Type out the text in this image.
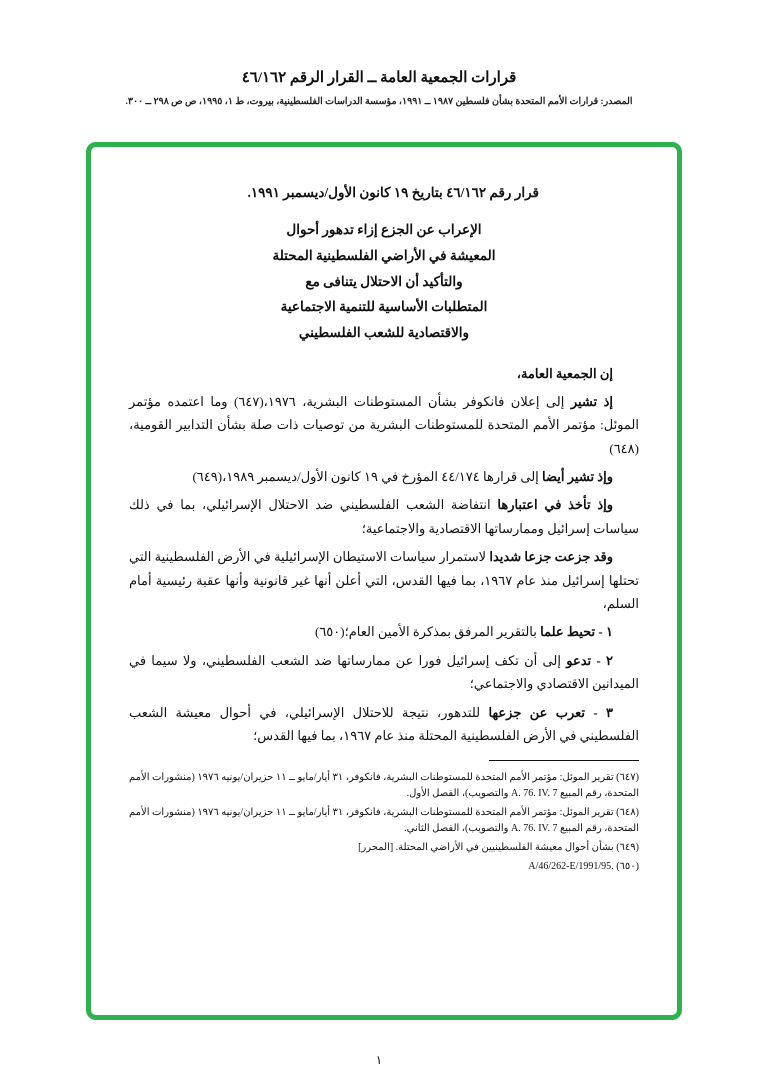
قرارات الجمعية العامة ــ القرار الرقم ٤٦/١٦٢
المصدر: قرارات الأمم المتحدة بشأن فلسطين ١٩٨٧ ــ ١٩٩١، مؤسسة الدراسات الفلسطينية، بيروت، ط ١، ١٩٩٥، ص ص ٢٩٨ ــ ٣٠٠.

قرار رقم ٤٦/١٦٢ بتاريخ ١٩ كانون الأول/ديسمبر ١٩٩١.

الإعراب عن الجزع إزاء تدهور أحوال
المعيشة في الأراضي الفلسطينية المحتلة
والتأكيد أن الاحتلال يتنافى مع
المتطلبات الأساسية للتنمية الاجتماعية
والاقتصادية للشعب الفلسطيني

إن الجمعية العامة،

إذ تشير إلى إعلان فانكوفر بشأن المستوطنات البشرية، ١٩٧٦،(٦٤٧) وما اعتمده مؤتمر الموئل: مؤتمر الأمم المتحدة للمستوطنات البشرية من توصيات ذات صلة بشأن التدابير القومية،(٦٤٨)

وإذ تشير أيضا إلى قرارها ٤٤/١٧٤ المؤرخ في ١٩ كانون الأول/ديسمبر ١٩٨٩،(٦٤٩)

وإذ تأخذ في اعتبارها انتفاضة الشعب الفلسطيني ضد الاحتلال الإسرائيلي، بما في ذلك سياسات إسرائيل وممارساتها الاقتصادية والاجتماعية؛

وقد جزعت جزعا شديدا لاستمرار سياسات الاستيطان الإسرائيلية في الأرض الفلسطينية التي تحتلها إسرائيل منذ عام ١٩٦٧، بما فيها القدس، التي أعلن أنها غير قانونية وأنها عقبة رئيسية أمام السلم،

١ - تحيط علما بالتقرير المرفق بمذكرة الأمين العام؛(٦٥٠)

٢ - تدعو إلى أن تكف إسرائيل فورا عن ممارساتها ضد الشعب الفلسطيني، ولا سيما في الميدانين الاقتصادي والاجتماعي؛

٣ - تعرب عن جزعها للتدهور، نتيجة للاحتلال الإسرائيلي، في أحوال معيشة الشعب الفلسطيني في الأرض الفلسطينية المحتلة منذ عام ١٩٦٧، بما فيها القدس؛

(٦٤٧) تقرير الموئل: مؤتمر الأمم المتحدة للمستوطنات البشرية، فانكوفر، ٣١ أيار/مايو ــ ١١ حزيران/يونيه ١٩٧٦ (منشورات الأمم المتحدة، رقم المبيع A. 76. IV. 7 والتصويب)، الفصل الأول.

(٦٤٨) تقرير الموئل: مؤتمر الأمم المتحدة للمستوطنات البشرية، فانكوفر، ٣١ أيار/مايو ــ ١١ حزيران/يونيه ١٩٧٦ (منشورات الأمم المتحدة، رقم المبيع A. 76. IV. 7 والتصويب)، الفصل الثاني.

(٦٤٩) بشأن أحوال معيشة الفلسطينيين في الأراضي المحتلة. [المحرر]

(٦٥٠) A/46/262-E/1991/95.

١
